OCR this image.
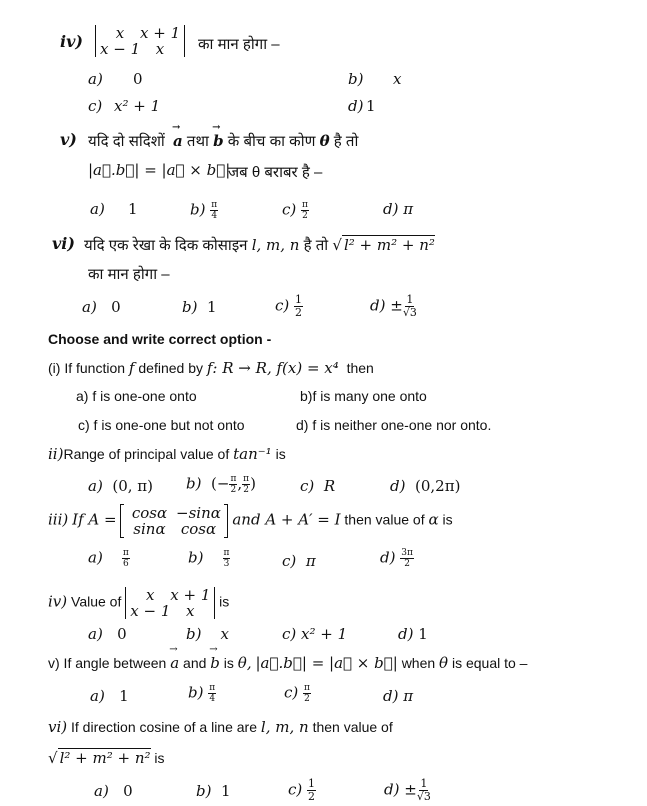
iv)	x	x + 1
x − 1	x	का मान होगा –
a) 0	b) x
c) x² + 1	d) 1
v) यदि दो सदिशों → a तथा → b के बीच का कोण θ है तो
|a⃗.b⃗| = |a⃗ × b⃗|
जब θ बराबर है –
a) 1	$b) \frac{\pi}{4}$	$c) \frac{\pi}{2}$	d) π
vi) यदि एक रेखा के दिक कोसाइन l, m, n है तो √ l² + m² + n²
का मान होगा –
a) 0	b) 1	$c) \frac{1}{2}$	$d) \pm \frac{1}{√3}$
Choose and write correct option -
(i) If function f defined by f: R → R, f(x) = x⁴ then
a) f is one-one onto	b)f is many one onto
c) f is one-one but not onto	d) f is neither one-one nor onto.
ii)Range of principal value of tan⁻¹ is
a) (0, π) b) (− $\frac{\pi}{2}$ , $\frac{\pi}{2}$ )	c) R	d) (0,2π)
iii) If A =	cosα −sinα
sinα	cosα
and A + A′ = I then value of α is
$a) \frac{\pi}{6}$	$b) \frac{\pi}{3}$	c) π	$d) \frac{3\pi}{2}$
iv) Value of	x	x + 1
x − 1	x
is
a) 0	b) x	c) x² + 1	d) 1
v) If angle between → a and → b is θ, |a⃗.b⃗| = |a⃗ × b⃗| when θ is equal to –
a) 1	$b) \frac{\pi}{4}$	$c) \frac{\pi}{2}$	d) π
vi) If direction cosine of a line are l, m, n then value of
√ l² + m² + n² is
a) 0	b) 1	$c) \frac{1}{2}$	$d) \pm \frac{1}{√3}$
